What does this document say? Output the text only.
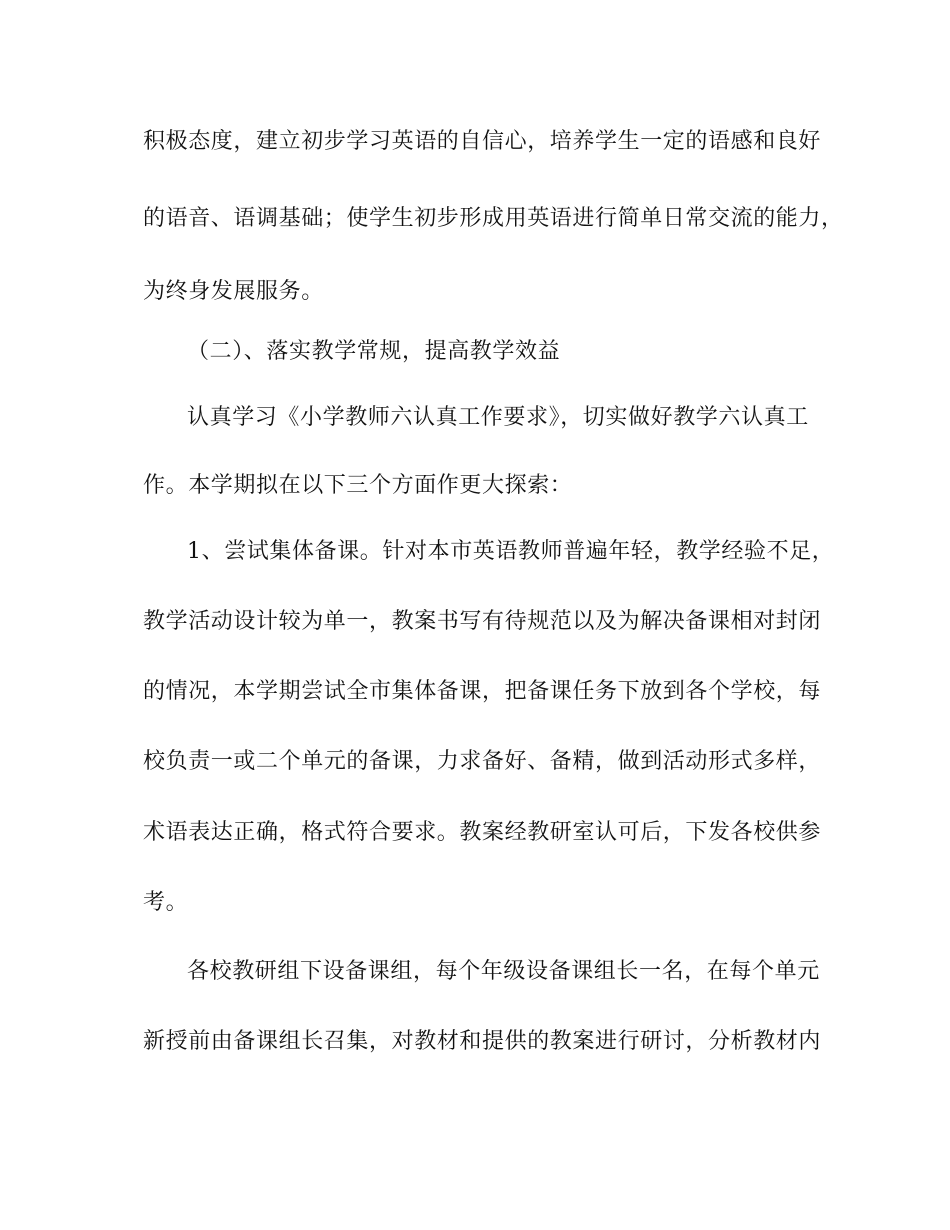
积极态度，建立初步学习英语的自信心，培养学生一定的语感和良好
的语音、语调基础；使学生初步形成用英语进行简单日常交流的能力，
为终身发展服务。
（二）、落实教学常规，提高教学效益
认真学习《小学教师六认真工作要求》，切实做好教学六认真工
作。本学期拟在以下三个方面作更大探索：
1、尝试集体备课。针对本市英语教师普遍年轻，教学经验不足，
教学活动设计较为单一，教案书写有待规范以及为解决备课相对封闭
的情况，本学期尝试全市集体备课，把备课任务下放到各个学校，每
校负责一或二个单元的备课，力求备好、备精，做到活动形式多样，
术语表达正确，格式符合要求。教案经教研室认可后，下发各校供参
考。
各校教研组下设备课组，每个年级设备课组长一名，在每个单元
新授前由备课组长召集，对教材和提供的教案进行研讨，分析教材内
